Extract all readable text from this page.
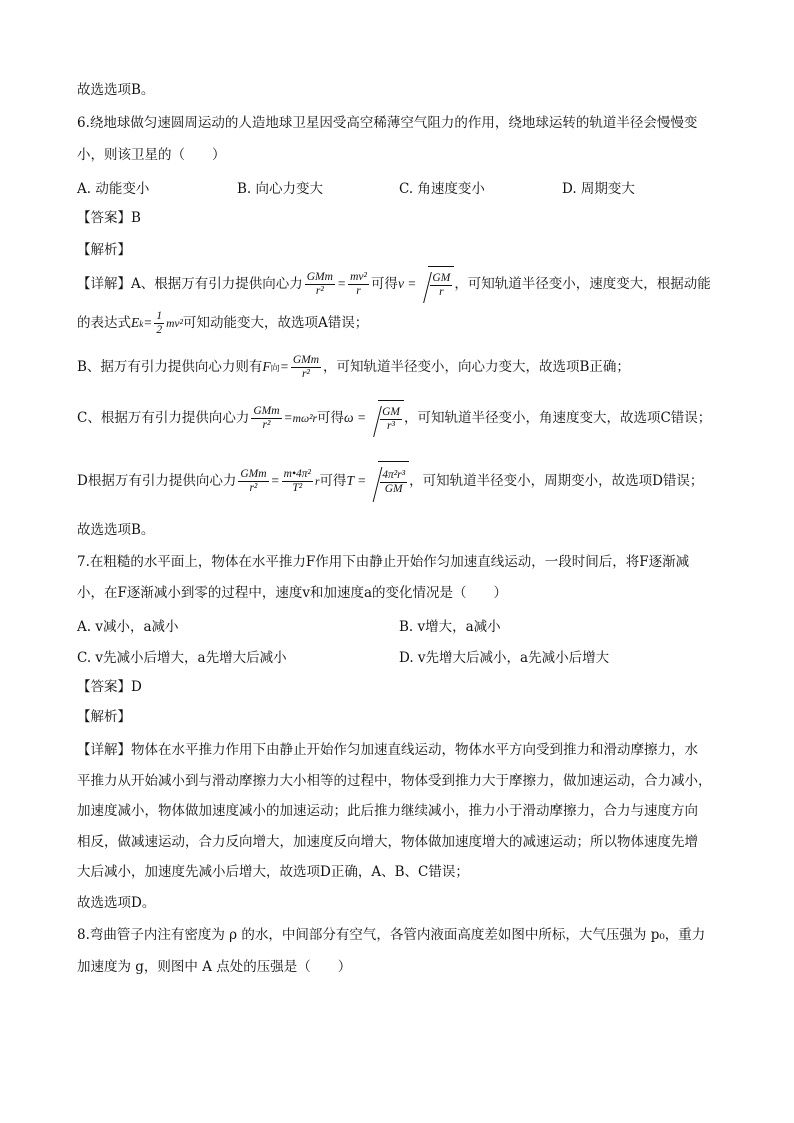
故选选项B。
6.绕地球做匀速圆周运动的人造地球卫星因受高空稀薄空气阻力的作用，绕地球运转的轨道半径会慢慢变
小，则该卫星的（　　）
A. 动能变小	B. 向心力变大	C. 角速度变小	D. 周期变大
【答案】B
【解析】
【详解】A、根据万有引力提供向心力 $\frac{\text{GMm}}{\text{r²}} = \frac{\text{mv²}}{r}$ 可得$v = \frac{GM}{r}$ ，可知轨道半径变小，速度变大，根据动能
的表达式$Ek= \frac{1}{2} mv^2$可知动能变大，故选项A错误；
B、据万有引力提供向心力则有F向= $\frac{\text{GMm}}{\text{r²}}$ ，可知轨道半径变小，向心力变大，故选项B正确；
C、根据万有引力提供向心力 $\frac{\text{GMm}}{\text{r²}} =m\omega^2r$可得$\omega = \frac{GM}{\text{r³}}$ ，可知轨道半径变小，角速度变大，故选项C错误；
D根据万有引力提供向心力 $\frac{\text{GMm}}{\text{r²}} = \frac{\text{m•4π²}}{\text{T²}}$ r可得$T = \frac{\text{4π²r³}}{GM}$ ，可知轨道半径变小，周期变小，故选项D错误；
故选选项B。
7.在粗糙的水平面上，物体在水平推力F作用下由静止开始作匀加速直线运动，一段时间后，将F逐渐减
小，在F逐渐减小到零的过程中，速度v和加速度a的变化情况是（　　）
A. v减小，a减小	B. v增大，a减小
C. v先减小后增大，a先增大后减小	D. v先增大后减小，a先减小后增大
【答案】D
【解析】
【详解】物体在水平推力作用下由静止开始作匀加速直线运动，物体水平方向受到推力和滑动摩擦力，水
平推力从开始减小到与滑动摩擦力大小相等的过程中，物体受到推力大于摩擦力，做加速运动，合力减小，
加速度减小，物体做加速度减小的加速运动；此后推力继续减小，推力小于滑动摩擦力，合力与速度方向
相反，做减速运动，合力反向增大，加速度反向增大，物体做加速度增大的减速运动；所以物体速度先增
大后减小，加速度先减小后增大，故选项D正确，A、B、C错误；
故选选项D。
8.弯曲管子内注有密度为 ρ 的水，中间部分有空气，各管内液面高度差如图中所标，大气压强为 p₀，重力
加速度为 g，则图中 A 点处的压强是（　　）
